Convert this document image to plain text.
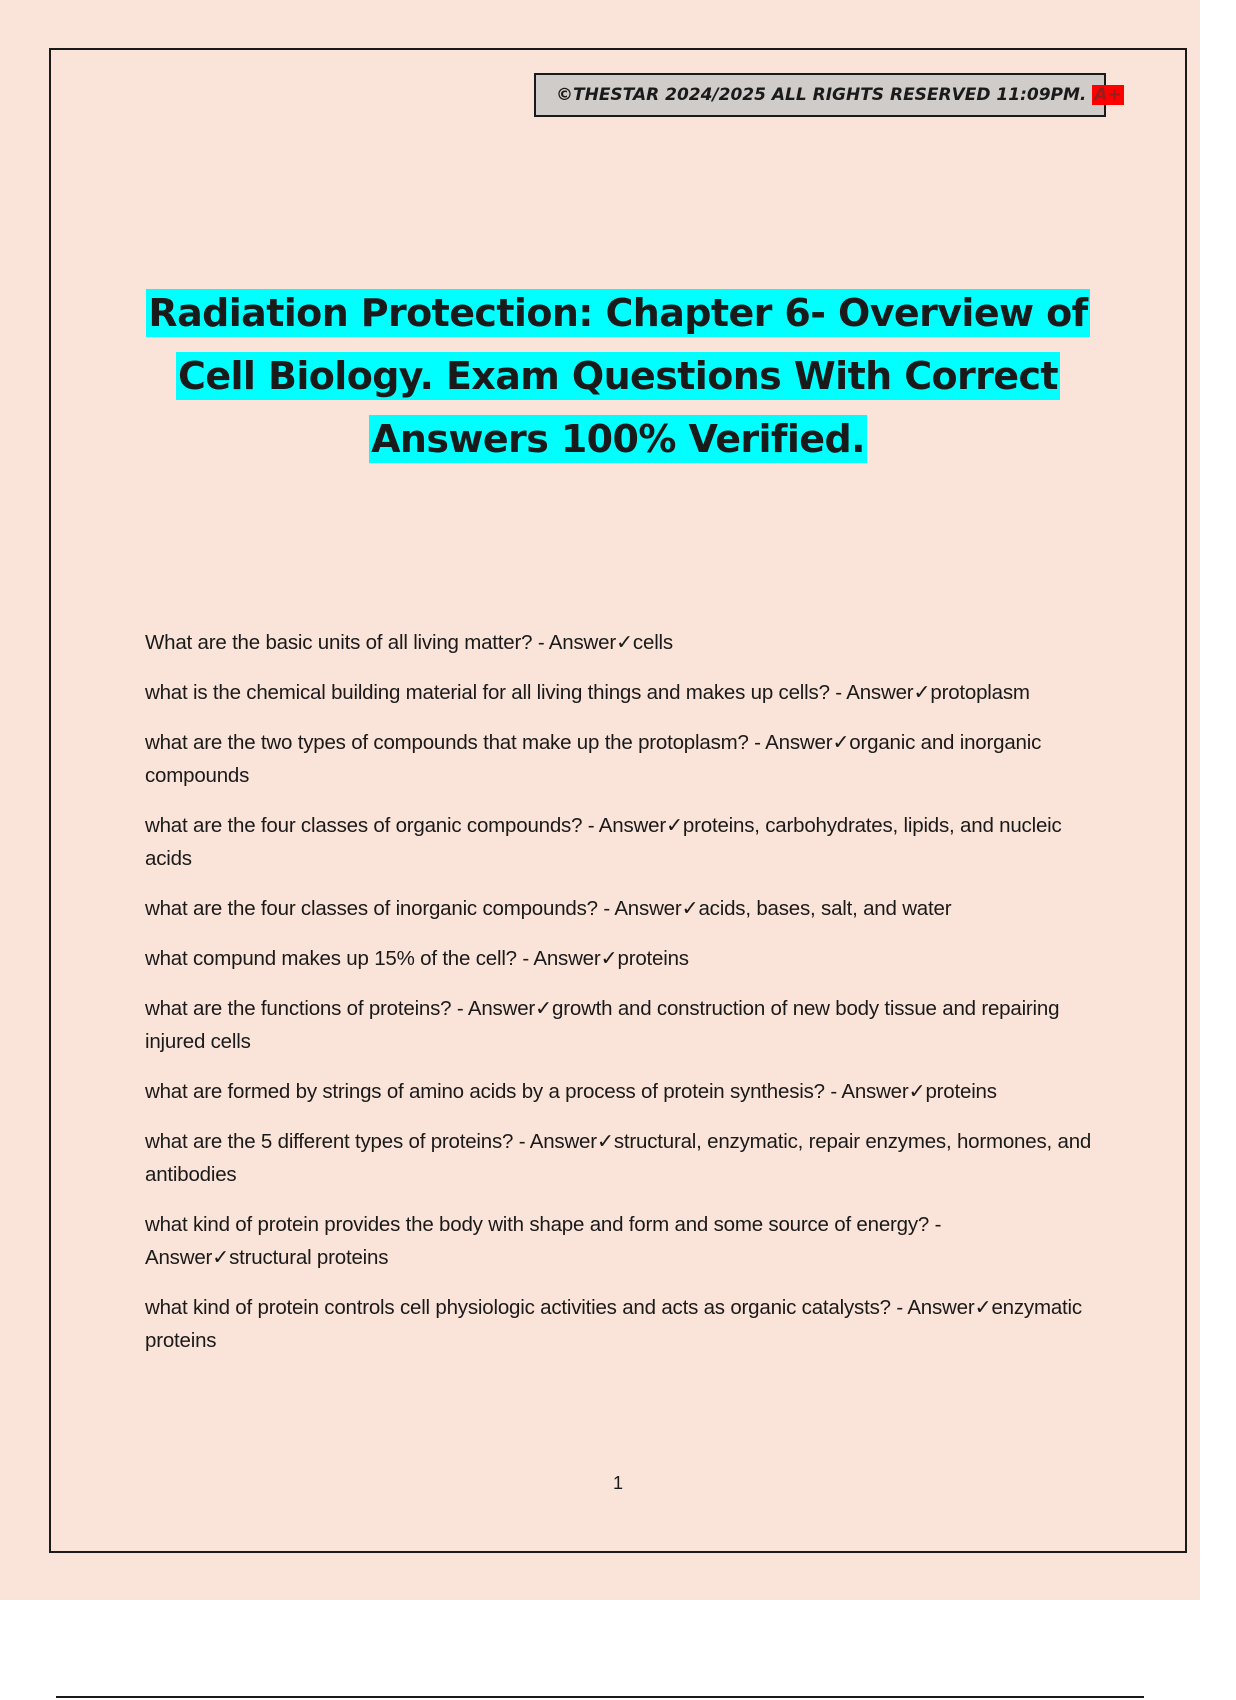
©THESTAR 2024/2025 ALL RIGHTS RESERVED 11:09PM. A+
Radiation Protection: Chapter 6- Overview of
Cell Biology. Exam Questions With Correct
Answers 100% Verified.

What are the basic units of all living matter? - Answer✓cells

what is the chemical building material for all living things and makes up cells? - Answer✓protoplasm

what are the two types of compounds that make up the protoplasm? - Answer✓organic and inorganic compounds

what are the four classes of organic compounds? - Answer✓proteins, carbohydrates, lipids, and nucleic acids

what are the four classes of inorganic compounds? - Answer✓acids, bases, salt, and water

what compund makes up 15% of the cell? - Answer✓proteins

what are the functions of proteins? - Answer✓growth and construction of new body tissue and repairing injured cells

what are formed by strings of amino acids by a process of protein synthesis? - Answer✓proteins

what are the 5 different types of proteins? - Answer✓structural, enzymatic, repair enzymes, hormones, and antibodies

what kind of protein provides the body with shape and form and some source of energy? - Answer✓structural proteins

what kind of protein controls cell physiologic activities and acts as organic catalysts? - Answer✓enzymatic proteins

1
